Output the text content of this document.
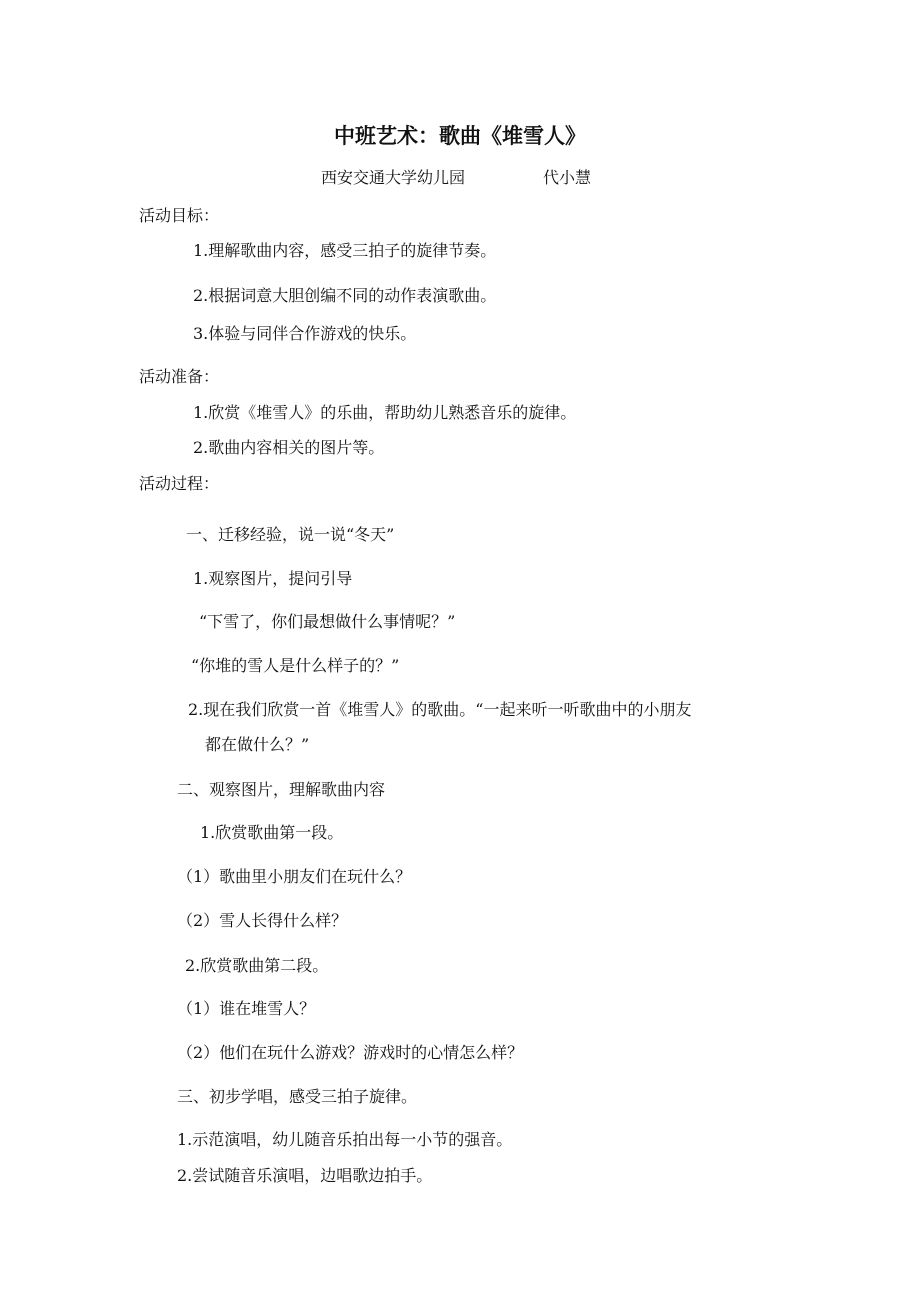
中班艺术：歌曲《堆雪人》
西安交通大学幼儿园	代小慧
活动目标：
1.理解歌曲内容，感受三拍子的旋律节奏。
2.根据词意大胆创编不同的动作表演歌曲。
3.体验与同伴合作游戏的快乐。
活动准备：
1.欣赏《堆雪人》的乐曲，帮助幼儿熟悉音乐的旋律。
2.歌曲内容相关的图片等。
活动过程：
一、迁移经验，说一说“冬天”
1.观察图片，提问引导
“下雪了，你们最想做什么事情呢？”
“你堆的雪人是什么样子的？”
2.现在我们欣赏一首《堆雪人》的歌曲。“一起来听一听歌曲中的小朋友
都在做什么？”
二、观察图片，理解歌曲内容
1.欣赏歌曲第一段。
（1）歌曲里小朋友们在玩什么？
（2）雪人长得什么样？
2.欣赏歌曲第二段。
（1）谁在堆雪人？
（2）他们在玩什么游戏？游戏时的心情怎么样？
三、初步学唱，感受三拍子旋律。
1.示范演唱，幼儿随音乐拍出每一小节的强音。
2.尝试随音乐演唱，边唱歌边拍手。
